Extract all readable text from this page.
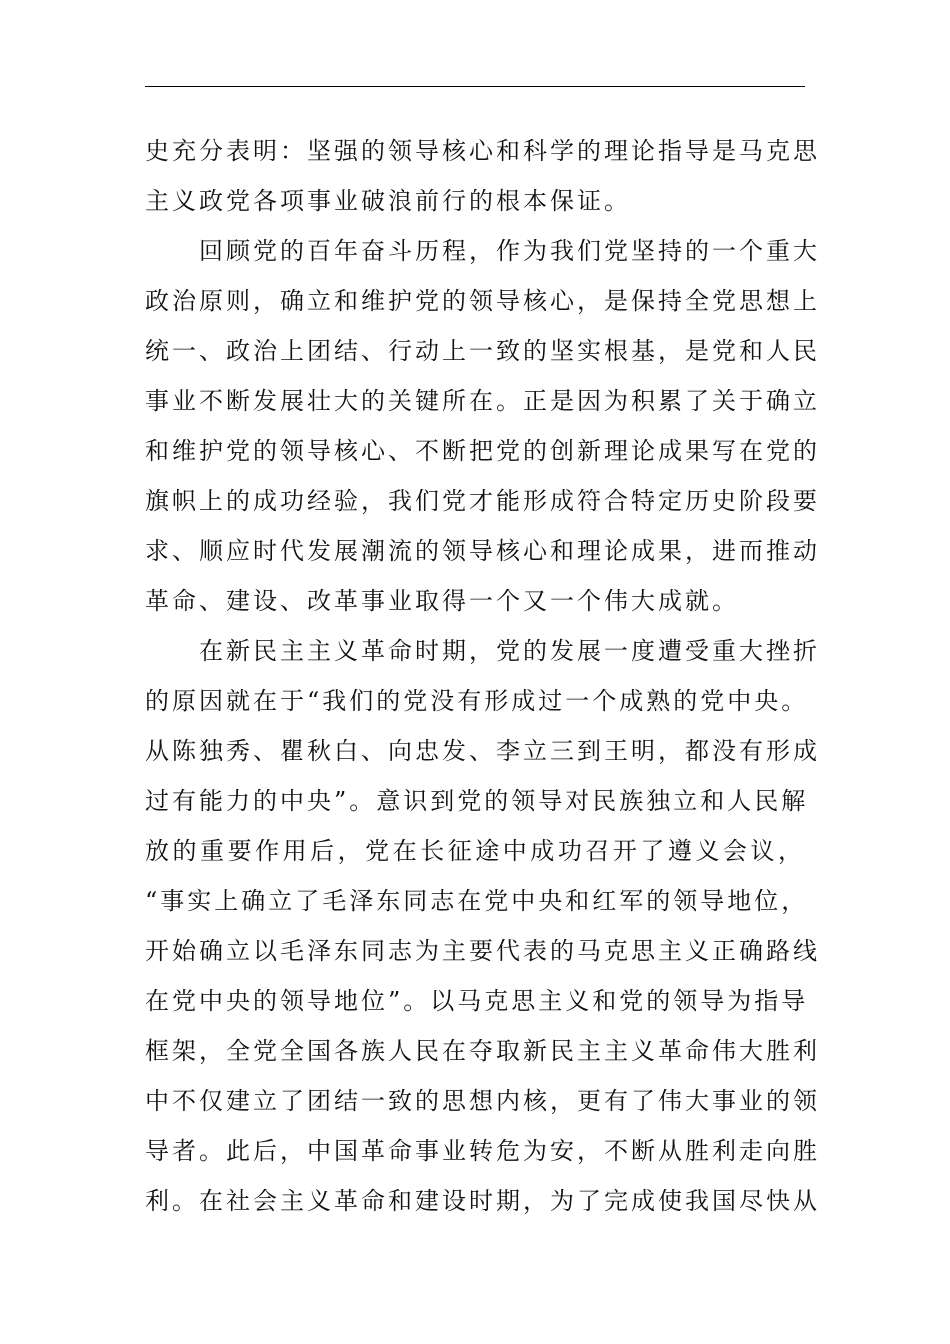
史充分表明：坚强的领导核心和科学的理论指导是马克思
主义政党各项事业破浪前行的根本保证。
回顾党的百年奋斗历程，作为我们党坚持的一个重大
政治原则，确立和维护党的领导核心，是保持全党思想上
统一、政治上团结、行动上一致的坚实根基，是党和人民
事业不断发展壮大的关键所在。正是因为积累了关于确立
和维护党的领导核心、不断把党的创新理论成果写在党的
旗帜上的成功经验，我们党才能形成符合特定历史阶段要
求、顺应时代发展潮流的领导核心和理论成果，进而推动
革命、建设、改革事业取得一个又一个伟大成就。
在新民主主义革命时期，党的发展一度遭受重大挫折
的原因就在于“我们的党没有形成过一个成熟的党中央。
从陈独秀、瞿秋白、向忠发、李立三到王明，都没有形成
过有能力的中央”。意识到党的领导对民族独立和人民解
放的重要作用后，党在长征途中成功召开了遵义会议，
“事实上确立了毛泽东同志在党中央和红军的领导地位，
开始确立以毛泽东同志为主要代表的马克思主义正确路线
在党中央的领导地位”。以马克思主义和党的领导为指导
框架，全党全国各族人民在夺取新民主主义革命伟大胜利
中不仅建立了团结一致的思想内核，更有了伟大事业的领
导者。此后，中国革命事业转危为安，不断从胜利走向胜
利。在社会主义革命和建设时期，为了完成使我国尽快从
